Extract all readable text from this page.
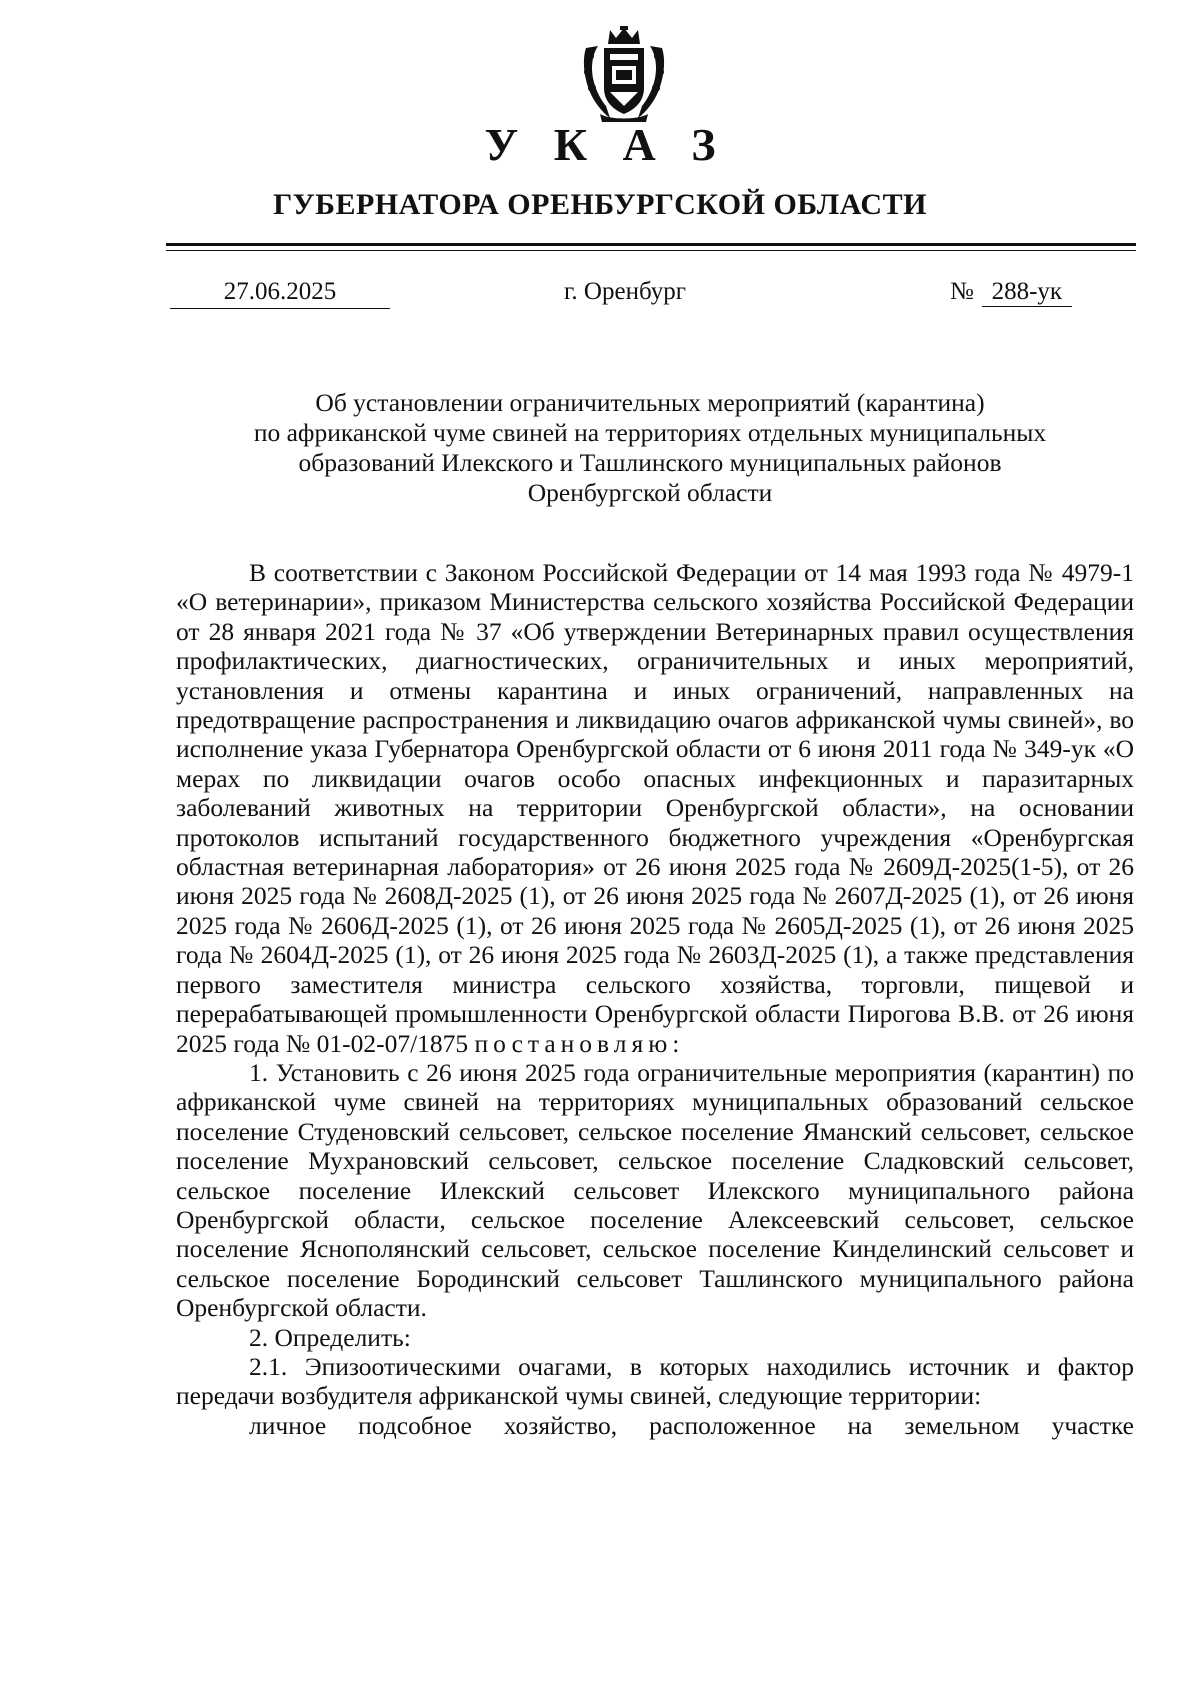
У К А З
ГУБЕРНАТОРА ОРЕНБУРГСКОЙ ОБЛАСТИ
27.06.2025	г. Оренбург	№ 288-ук
Об установлении ограничительных мероприятий (карантина)
по африканской чуме свиней на территориях отдельных муниципальных
образований Илекского и Ташлинского муниципальных районов
Оренбургской области

В соответствии с Законом Российской Федерации от 14 мая 1993 года № 4979-1 «О ветеринарии», приказом Министерства сельского хозяйства Российской Федерации от 28 января 2021 года № 37 «Об утверждении Ветеринарных правил осуществления профилактических, диагностических, ограничительных и иных мероприятий, установления и отмены карантина и иных ограничений, направленных на предотвращение распространения и ликвидацию очагов африканской чумы свиней», во исполнение указа Губернатора Оренбургской области от 6 июня 2011 года № 349-ук «О мерах по ликвидации очагов особо опасных инфекционных и паразитарных заболеваний животных на территории Оренбургской области», на основании протоколов испытаний государственного бюджетного учреждения «Оренбургская областная ветеринарная лаборатория» от 26 июня 2025 года № 2609Д-2025(1-5), от 26 июня 2025 года № 2608Д-2025 (1), от 26 июня 2025 года № 2607Д-2025 (1), от 26 июня 2025 года № 2606Д-2025 (1), от 26 июня 2025 года № 2605Д-2025 (1), от 26 июня 2025 года № 2604Д-2025 (1), от 26 июня 2025 года № 2603Д-2025 (1), а также представления первого заместителя министра сельского хозяйства, торговли, пищевой и перерабатывающей промышленности Оренбургской области Пирогова В.В. от 26 июня 2025 года № 01-02-07/1875 постановляю:

1. Установить с 26 июня 2025 года ограничительные мероприятия (карантин) по африканской чуме свиней на территориях муниципальных образований сельское поселение Студеновский сельсовет, сельское поселение Яманский сельсовет, сельское поселение Мухрановский сельсовет, сельское поселение Сладковский сельсовет, сельское поселение Илекский сельсовет Илекского муниципального района Оренбургской области, сельское поселение Алексеевский сельсовет, сельское поселение Яснополянский сельсовет, сельское поселение Кинделинский сельсовет и сельское поселение Бородинский сельсовет Ташлинского муниципального района Оренбургской области.

2. Определить:

2.1. Эпизоотическими очагами, в которых находились источник и фактор передачи возбудителя африканской чумы свиней, следующие территории:

личное подсобное хозяйство, расположенное на земельном участке
